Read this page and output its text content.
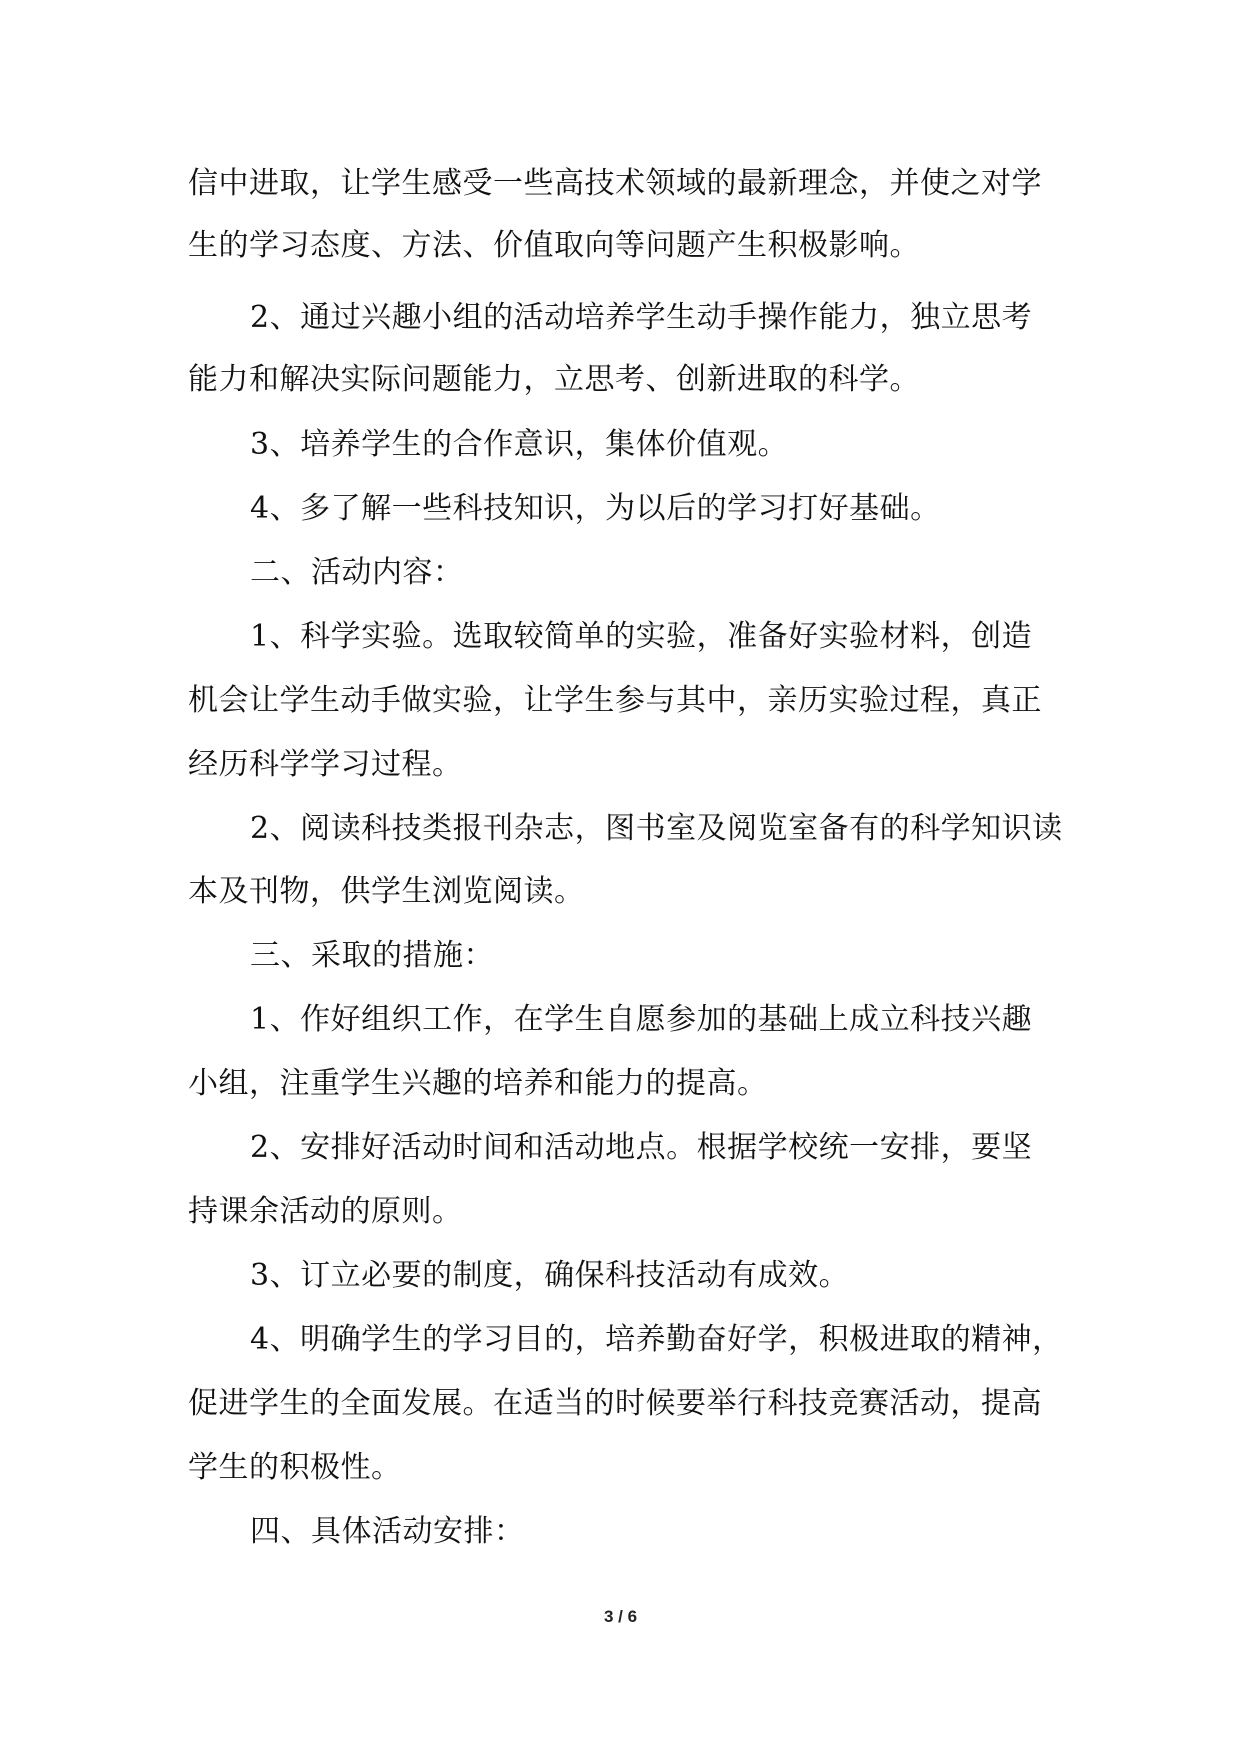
信中进取，让学生感受一些高技术领域的最新理念，并使之对学
生的学习态度、方法、价值取向等问题产生积极影响。
2、通过兴趣小组的活动培养学生动手操作能力，独立思考
能力和解决实际问题能力，立思考、创新进取的科学。
3、培养学生的合作意识，集体价值观。
4、多了解一些科技知识，为以后的学习打好基础。
二、活动内容：
1、科学实验。选取较简单的实验，准备好实验材料，创造
机会让学生动手做实验，让学生参与其中，亲历实验过程，真正
经历科学学习过程。
2、阅读科技类报刊杂志，图书室及阅览室备有的科学知识读
本及刊物，供学生浏览阅读。
三、采取的措施：
1、作好组织工作，在学生自愿参加的基础上成立科技兴趣
小组，注重学生兴趣的培养和能力的提高。
2、安排好活动时间和活动地点。根据学校统一安排，要坚
持课余活动的原则。
3、订立必要的制度，确保科技活动有成效。
4、明确学生的学习目的，培养勤奋好学，积极进取的精神，
促进学生的全面发展。在适当的时候要举行科技竞赛活动，提高
学生的积极性。
四、具体活动安排：
3 / 6
